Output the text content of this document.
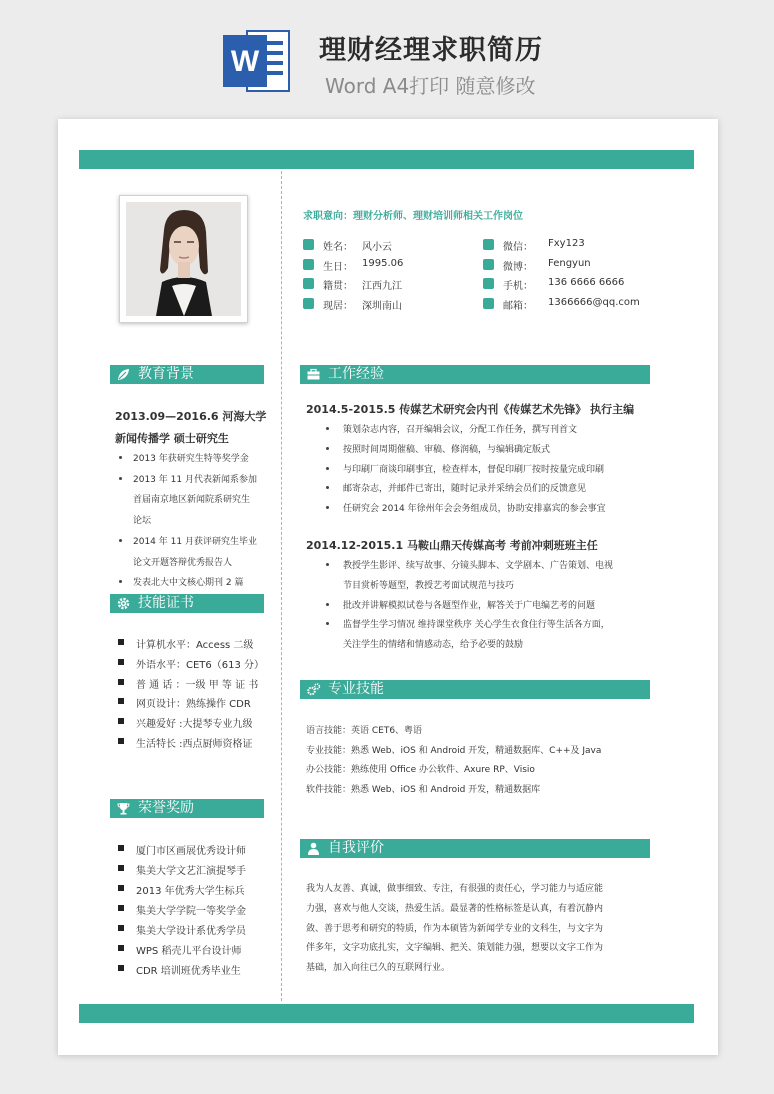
W 理财经理求职简历
Word A4打印 随意修改
教育背景
2013.09—2016.6 河海大学
新闻传播学 硕士研究生
2013 年获研究生特等奖学金
2013 年 11 月代表新闻系参加
首届南京地区新闻院系研究生
论坛
2014 年 11 月获评研究生毕业
论文开题答辩优秀报告人
发表北大中文核心期刊 2 篇
技能证书
计算机水平：Access 二级
外语水平：CET6（613 分）
普 通 话 ：一级 甲 等 证 书
网页设计：熟练操作 CDR
兴趣爱好 :大提琴专业九级
生活特长 :西点厨师资格证
荣誉奖励
厦门市区画展优秀设计师
集美大学文艺汇演提琴手
2013 年优秀大学生标兵
集美大学学院一等奖学金
集美大学设计系优秀学员
WPS 稻壳儿平台设计师
CDR 培训班优秀毕业生
求职意向：理财分析师、理财培训师相关工作岗位
姓名： 风小云
生日： 1995.06
籍贯： 江西九江
现居： 深圳南山
微信： Fxy123
微博： Fengyun
手机： 136 6666 6666
邮箱： 1366666@qq.com
工作经验
2014.5-2015.5 传媒艺术研究会内刊《传媒艺术先锋》 执行主编
策划杂志内容，召开编辑会议，分配工作任务，撰写刊首文
按照时间周期催稿、审稿、修润稿，与编辑确定版式
与印刷厂商谈印刷事宜，检查样本，督促印刷厂按时按量完成印刷
邮寄杂志，并邮件已寄出，随时记录并采纳会员们的反馈意见
任研究会 2014 年徐州年会会务组成员，协助安排嘉宾的参会事宜
2014.12-2015.1 马鞍山鼎天传媒高考 考前冲刺班班主任
教授学生影评、续写故事、分镜头脚本、文学剧本、广告策划、电视
节目赏析等题型，教授艺考面试规范与技巧
批改并讲解模拟试卷与各题型作业，解答关于广电编艺考的问题
监督学生学习情况 维持课堂秩序 关心学生衣食住行等生活各方面，
关注学生的情绪和情感动态，给予必要的鼓励
专业技能
语言技能：英语 CET6、粤语
专业技能：熟悉 Web、iOS 和 Android 开发，精通数据库、C++及 Java
办公技能：熟练使用 Office 办公软件、Axure RP、Visio
软件技能：熟悉 Web、iOS 和 Android 开发，精通数据库
自我评价
我为人友善、真诚，做事细致、专注，有很强的责任心，学习能力与适应能
力强，喜欢与他人交谈，热爱生活。最显著的性格标签是认真，有着沉静内
敛、善于思考和研究的特质，作为本硕皆为新闻学专业的文科生，与文字为
伴多年，文字功底扎实，文字编辑、把关、策划能力强，想要以文字工作为
基础，加入向往已久的互联网行业。
